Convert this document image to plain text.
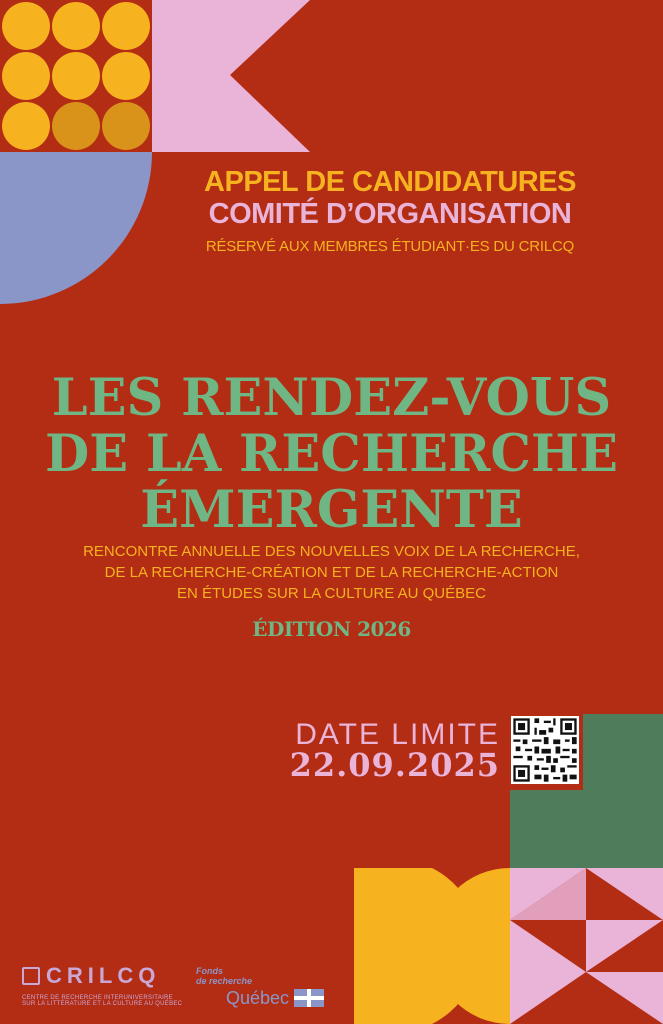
APPEL DE CANDIDATURES
COMITÉ D’ORGANISATION
RÉSERVÉ AUX MEMBRES ÉTUDIANT·ES DU CRILCQ
LES RENDEZ-VOUS
DE LA RECHERCHE
ÉMERGENTE
RENCONTRE ANNUELLE DES NOUVELLES VOIX DE LA RECHERCHE,
DE LA RECHERCHE-CRÉATION ET DE LA RECHERCHE-ACTION
EN ÉTUDES SUR LA CULTURE AU QUÉBEC
ÉDITION 2026
DATE LIMITE
22.09.2025
CRILCQ
CENTRE DE RECHERCHE INTERUNIVERSITAIRE
SUR LA LITTÉRATURE ET LA CULTURE AU QUÉBEC
Fonds
de recherche
Québec
